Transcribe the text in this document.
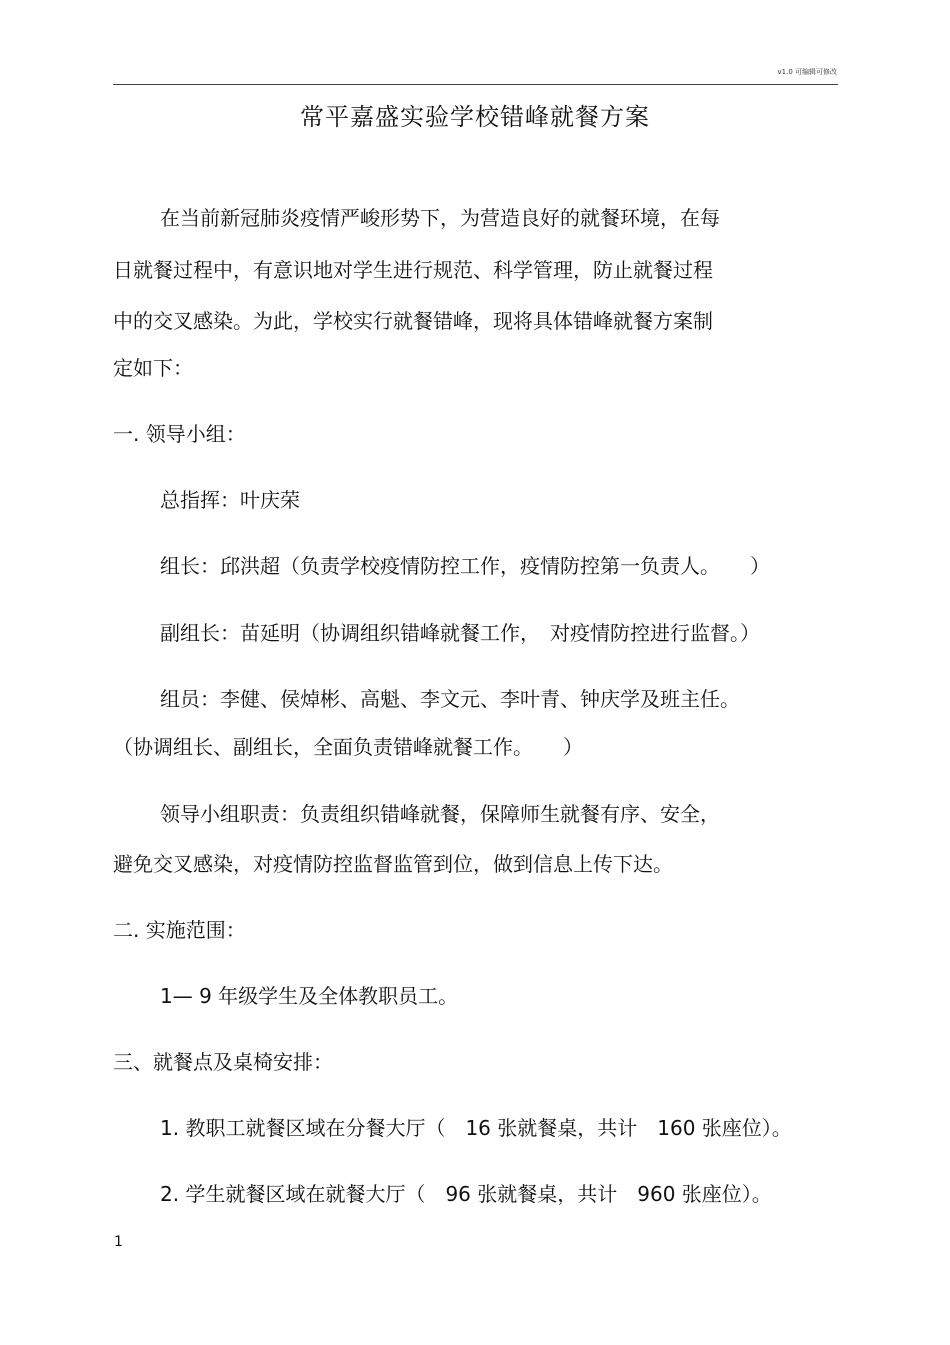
v1.0 可编辑可修改
常平嘉盛实验学校错峰就餐方案
在当前新冠肺炎疫情严峻形势下，为营造良好的就餐环境，在每
日就餐过程中，有意识地对学生进行规范、科学管理，防止就餐过程
中的交叉感染。为此，学校实行就餐错峰，现将具体错峰就餐方案制
定如下：
一. 领导小组：
总指挥：叶庆荣
组长：邱洪超（负责学校疫情防控工作，疫情防控第一负责人。　　）
副组长：苗延明（协调组织错峰就餐工作，　对疫情防控进行监督。）
组员：李健、侯焯彬、高魁、李文元、李叶青、钟庆学及班主任。
（协调组长、副组长，全面负责错峰就餐工作。　　）
领导小组职责：负责组织错峰就餐，保障师生就餐有序、安全，
避免交叉感染，对疫情防控监督监管到位，做到信息上传下达。
二. 实施范围：
1— 9 年级学生及全体教职员工。
三、就餐点及桌椅安排：
1. 教职工就餐区域在分餐大厅（　16 张就餐桌，共计　160 张座位）。
2. 学生就餐区域在就餐大厅（　96 张就餐桌，共计　960 张座位）。
1
